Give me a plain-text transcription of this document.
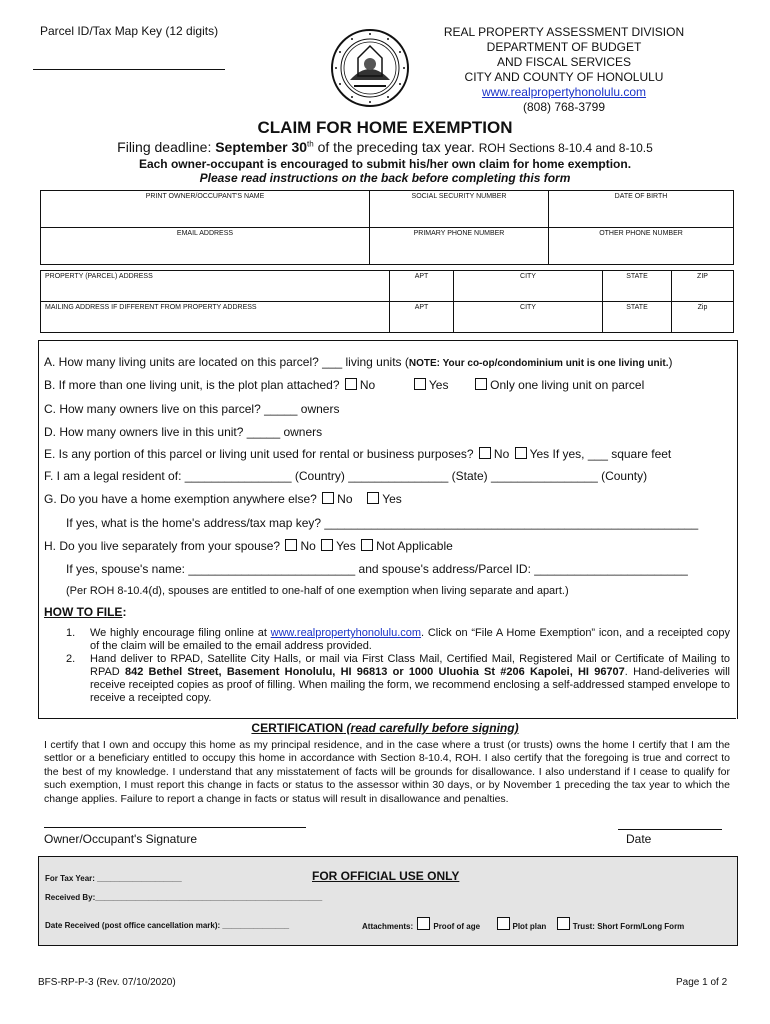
Parcel ID/Tax Map Key (12 digits)	REAL PROPERTY ASSESSMENT DIVISION
DEPARTMENT OF BUDGET
AND FISCAL SERVICES
CITY AND COUNTY OF HONOLULU
www.realpropertyhonolulu.com
(808) 768-3799
CLAIM FOR HOME EXEMPTION
Filing deadline: September 30th of the preceding tax year. ROH Sections 8-10.4 and 8-10.5
Each owner-occupant is encouraged to submit his/her own claim for home exemption.
Please read instructions on the back before completing this form
PRINT OWNER/OCCUPANT'S NAME	SOCIAL SECURITY NUMBER	DATE OF BIRTH
EMAIL ADDRESS	PRIMARY PHONE NUMBER	OTHER PHONE NUMBER
PROPERTY (PARCEL) ADDRESS	APT	CITY	STATE	ZIP
MAILING ADDRESS IF DIFFERENT FROM PROPERTY ADDRESS	APT	CITY	STATE	Zip
A. How many living units are located on this parcel? ___ living units (NOTE: Your co-op/condominium unit is one living unit.)
B. If more than one living unit, is the plot plan attached? No	Yes	Only one living unit on parcel
C. How many owners live on this parcel? _____ owners
D. How many owners live in this unit? _____ owners
E. Is any portion of this parcel or living unit used for rental or business purposes? No Yes If yes, ___ square feet
F. I am a legal resident of: ________________ (Country) _______________ (State) ________________ (County)
G. Do you have a home exemption anywhere else? No Yes
If yes, what is the home's address/tax map key? ________________________________________________________
H. Do you live separately from your spouse? No Yes Not Applicable
If yes, spouse's name: _________________________ and spouse's address/Parcel ID: _______________________
(Per ROH 8-10.4(d), spouses are entitled to one-half of one exemption when living separate and apart.)
HOW TO FILE:
1.	We highly encourage filing online at www.realpropertyhonolulu.com. Click on “File A Home Exemption” icon, and a receipted copy of the claim will be emailed to the email address provided.
2.	Hand deliver to RPAD, Satellite City Halls, or mail via First Class Mail, Certified Mail, Registered Mail or Certificate of Mailing to RPAD 842 Bethel Street, Basement Honolulu, HI 96813 or 1000 Uluohia St #206 Kapolei, HI 96707. Hand-deliveries will receive receipted copies as proof of filling. When mailing the form, we recommend enclosing a self-addressed stamped envelope to receive a receipted copy.
CERTIFICATION (read carefully before signing)
I certify that I own and occupy this home as my principal residence, and in the case where a trust (or trusts) owns the home I certify that I am the settlor or a beneficiary entitled to occupy this home in accordance with Section 8-10.4, ROH. I also certify that the foregoing is true and correct to the best of my knowledge. I understand that any misstatement of facts will be grounds for disallowance. I also understand if I cease to qualify for such exemption, I must report this change in facts or status to the assessor within 30 days, or by November 1 preceding the tax year to which the change applies. Failure to report a change in facts or status will result in disallowance and penalties.
Owner/Occupant's Signature	Date
For Tax Year: ___________________	FOR OFFICIAL USE ONLY
Received By:___________________________________________________
Date Received (post office cancellation mark): _______________	Attachments:	Proof of age	Plot plan	Trust: Short Form/Long Form
BFS-RP-P-3 (Rev. 07/10/2020)	Page 1 of 2
